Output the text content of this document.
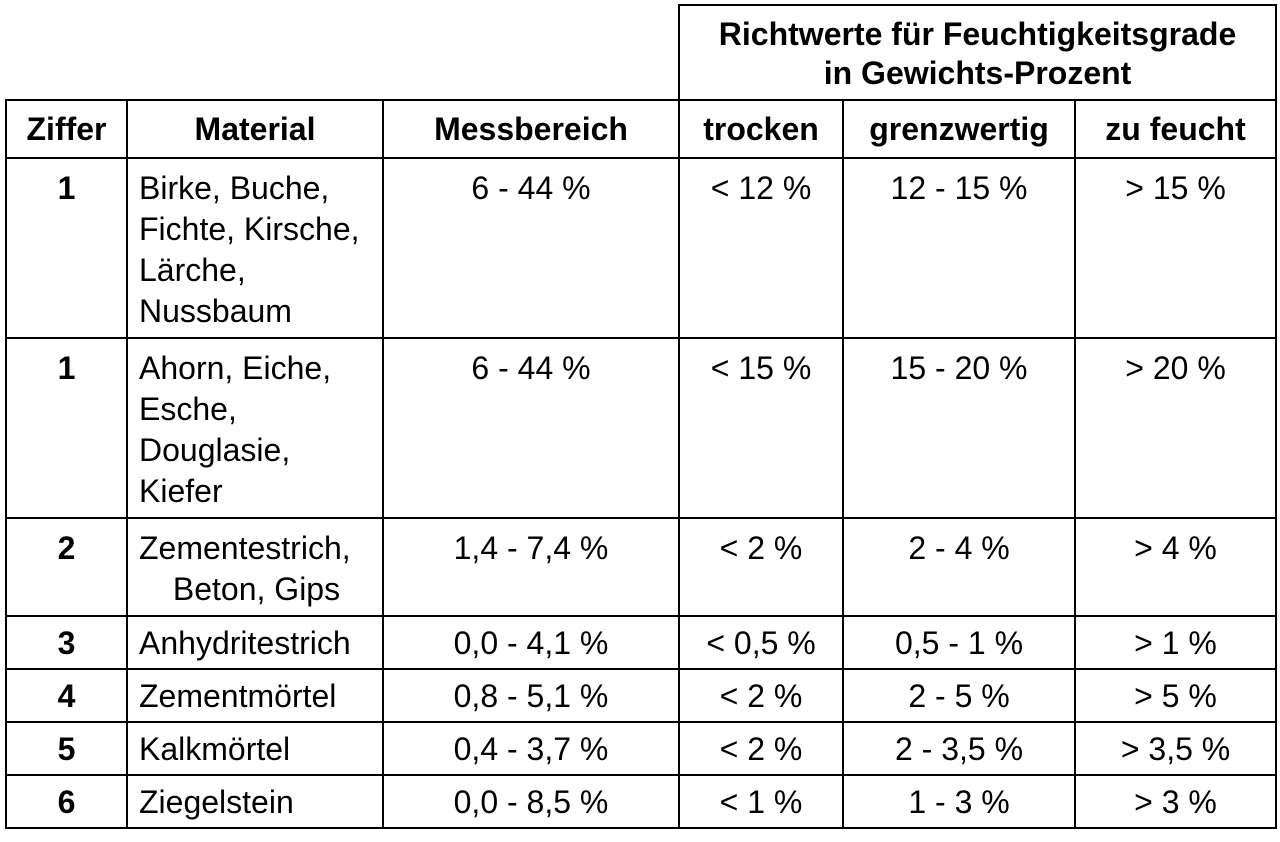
			Richtwerte für Feuchtigkeitsgrade
in Gewichts-Prozent		

Ziffer	Material	Messbereich	trocken	grenzwertig	zu feucht
1	Birke, Buche,
Fichte, Kirsche,
Lärche,
Nussbaum	6 - 44 %	< 12 %	12 - 15 %	> 15 %
1	Ahorn, Eiche,
Esche,
Douglasie,
Kiefer	6 - 44 %	< 15 %	15 - 20 %	> 20 %
2	Zementestrich,
Beton, Gips	1,4 - 7,4 %	< 2 %	2 - 4 %	> 4 %
3	Anhydritestrich	0,0 - 4,1 %	< 0,5 %	0,5 - 1 %	> 1 %
4	Zementmörtel	0,8 - 5,1 %	< 2 %	2 - 5 %	> 5 %
5	Kalkmörtel	0,4 - 3,7 %	< 2 %	2 - 3,5 %	> 3,5 %
6	Ziegelstein	0,0 - 8,5 %	< 1 %	1 - 3 %	> 3 %
